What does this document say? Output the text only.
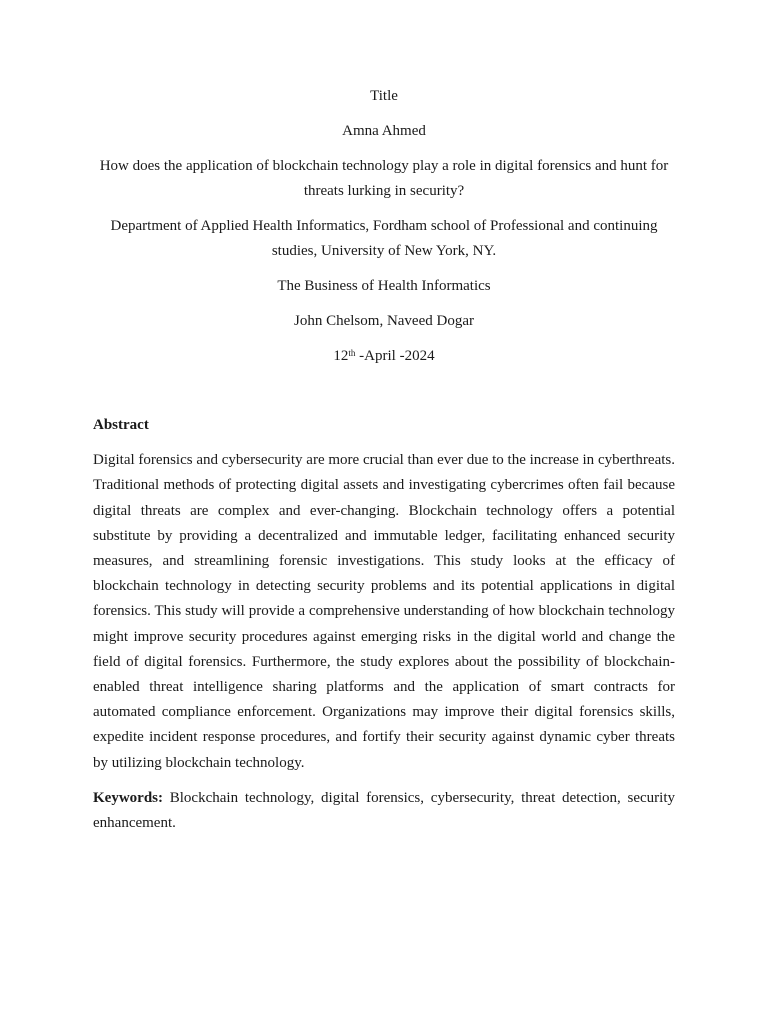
Title

Amna Ahmed

How does the application of blockchain technology play a role in digital forensics and hunt for threats lurking in security?

Department of Applied Health Informatics, Fordham school of Professional and continuing studies, University of New York, NY.

The Business of Health Informatics

John Chelsom, Naveed Dogar

12th -April -2024

Abstract

Digital forensics and cybersecurity are more crucial than ever due to the increase in cyberthreats. Traditional methods of protecting digital assets and investigating cybercrimes often fail because digital threats are complex and ever-changing. Blockchain technology offers a potential substitute by providing a decentralized and immutable ledger, facilitating enhanced security measures, and streamlining forensic investigations. This study looks at the efficacy of blockchain technology in detecting security problems and its potential applications in digital forensics. This study will provide a comprehensive understanding of how blockchain technology might improve security procedures against emerging risks in the digital world and change the field of digital forensics. Furthermore, the study explores about the possibility of blockchain-enabled threat intelligence sharing platforms and the application of smart contracts for automated compliance enforcement. Organizations may improve their digital forensics skills, expedite incident response procedures, and fortify their security against dynamic cyber threats by utilizing blockchain technology.

Keywords: Blockchain technology, digital forensics, cybersecurity, threat detection, security enhancement.
